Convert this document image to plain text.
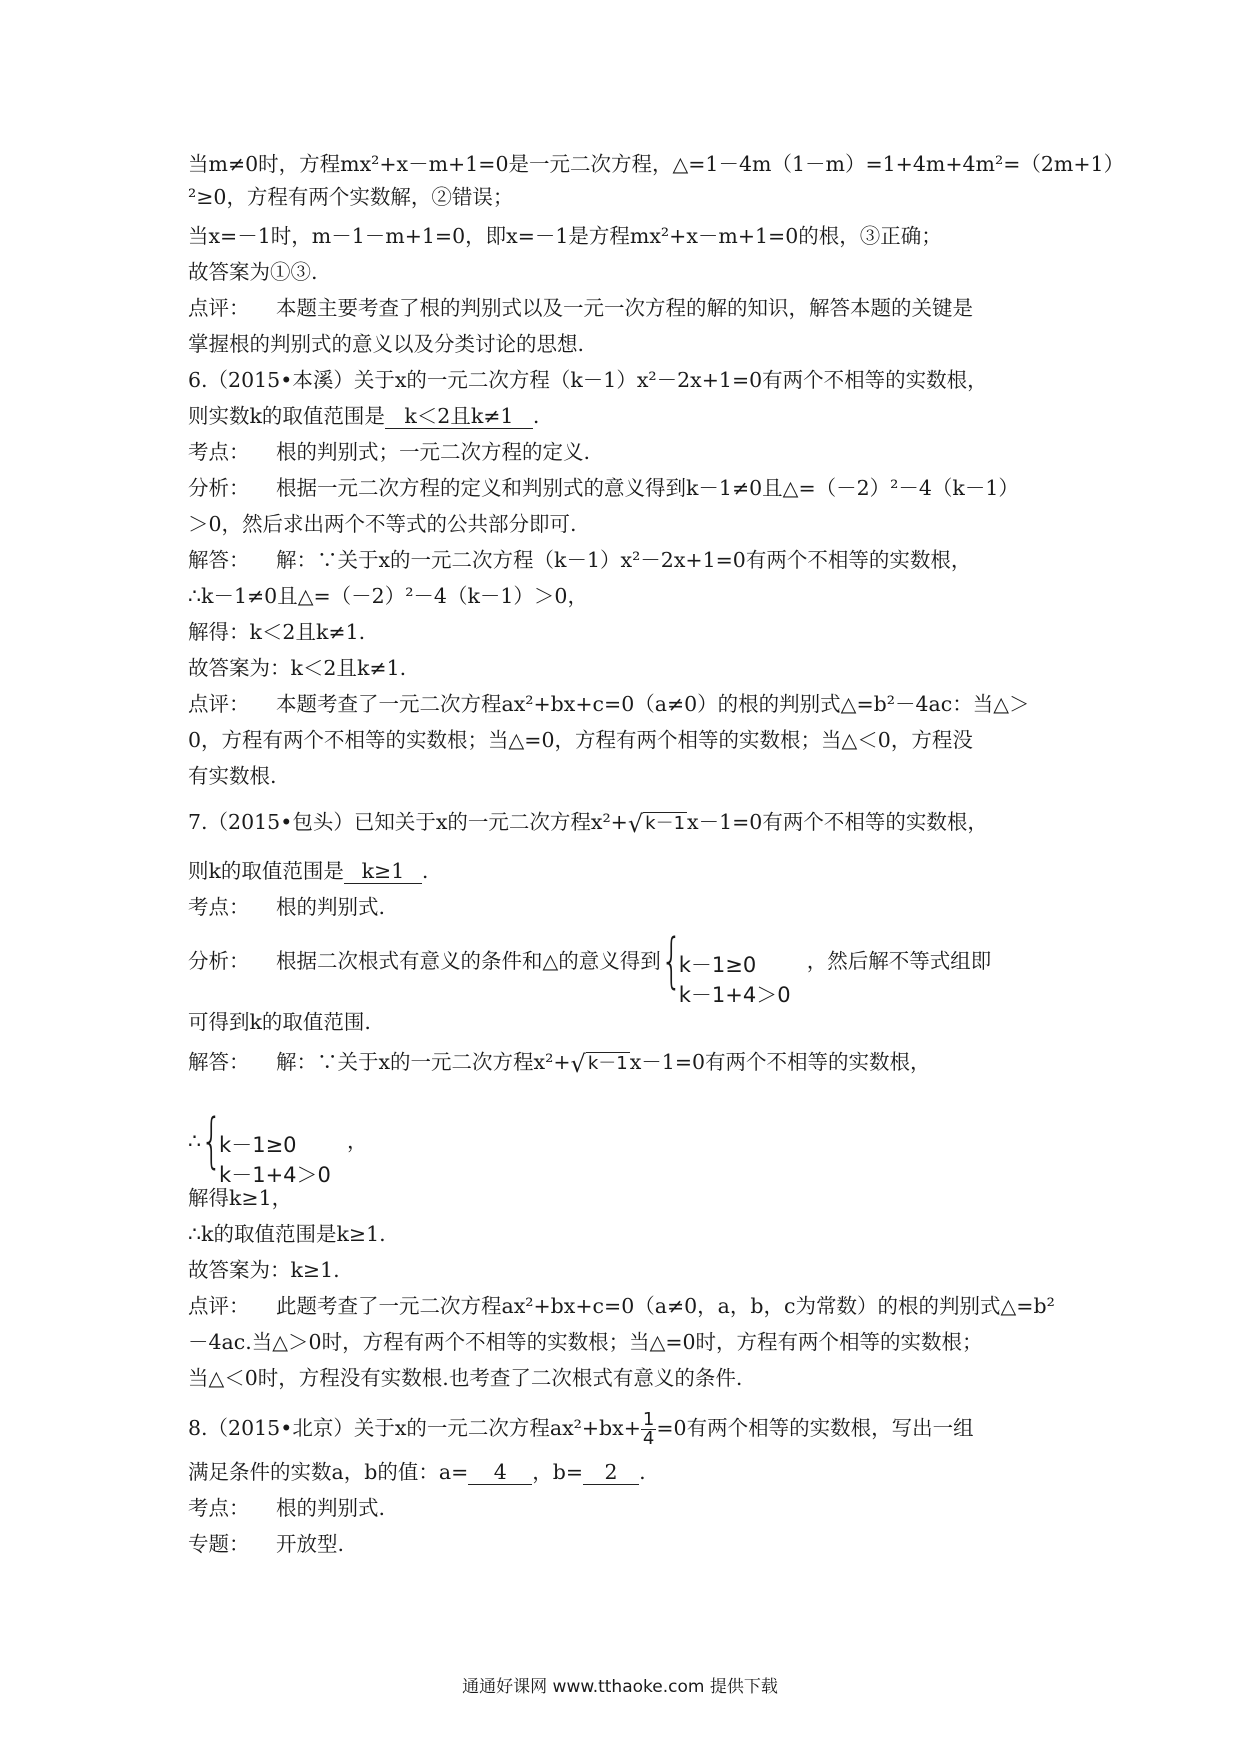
当m≠0时，方程mx²+x－m+1=0是一元二次方程，△=1－4m（1－m）=1+4m+4m²=（2m+1）
²≥0，方程有两个实数解，②错误；
当x=－1时，m－1－m+1=0，即x=－1是方程mx²+x－m+1=0的根，③正确；
故答案为①③.
点评： 本题主要考查了根的判别式以及一元一次方程的解的知识，解答本题的关键是
掌握根的判别式的意义以及分类讨论的思想.
6.（2015•本溪）关于x的一元二次方程（k－1）x²－2x+1=0有两个不相等的实数根，
则实数k的取值范围是 k＜2且k≠1 .
考点： 根的判别式；一元二次方程的定义.
分析： 根据一元二次方程的定义和判别式的意义得到k－1≠0且△=（－2）²－4（k－1）
＞0，然后求出两个不等式的公共部分即可.
解答： 解：∵关于x的一元二次方程（k－1）x²－2x+1=0有两个不相等的实数根，
∴k－1≠0且△=（－2）²－4（k－1）＞0，
解得：k＜2且k≠1.
故答案为：k＜2且k≠1.
点评： 本题考查了一元二次方程ax²+bx+c=0（a≠0）的根的判别式△=b²－4ac：当△＞
0，方程有两个不相等的实数根；当△=0，方程有两个相等的实数根；当△＜0，方程没
有实数根.
7.（2015•包头）已知关于x的一元二次方程x²+√ k－1x－1=0有两个不相等的实数根，
则k的取值范围是 k≥1 .
考点： 根的判别式.
分析： 根据二次根式有意义的条件和△的意义得到 {
k－1≥0
k－1+4＞0
，然后解不等式组即
可得到k的取值范围.
解答： 解：∵关于x的一元二次方程x²+√ k－1x－1=0有两个不相等的实数根，
∴ {
k－1≥0
k－1+4＞0
，
解得k≥1，
∴k的取值范围是k≥1.
故答案为：k≥1.
点评： 此题考查了一元二次方程ax²+bx+c=0（a≠0，a，b，c为常数）的根的判别式△=b²
－4ac.当△＞0时，方程有两个不相等的实数根；当△=0时，方程有两个相等的实数根；
当△＜0时，方程没有实数根.也考查了二次根式有意义的条件.
8.（2015•北京）关于x的一元二次方程$ax^2+bx+ \frac{1}{4} =0$有两个相等的实数根，写出一组
满足条件的实数a，b的值：a= 4 ，b= 2 .
考点： 根的判别式.
专题： 开放型.
通通好课网 www.tthaoke.com 提供下载
